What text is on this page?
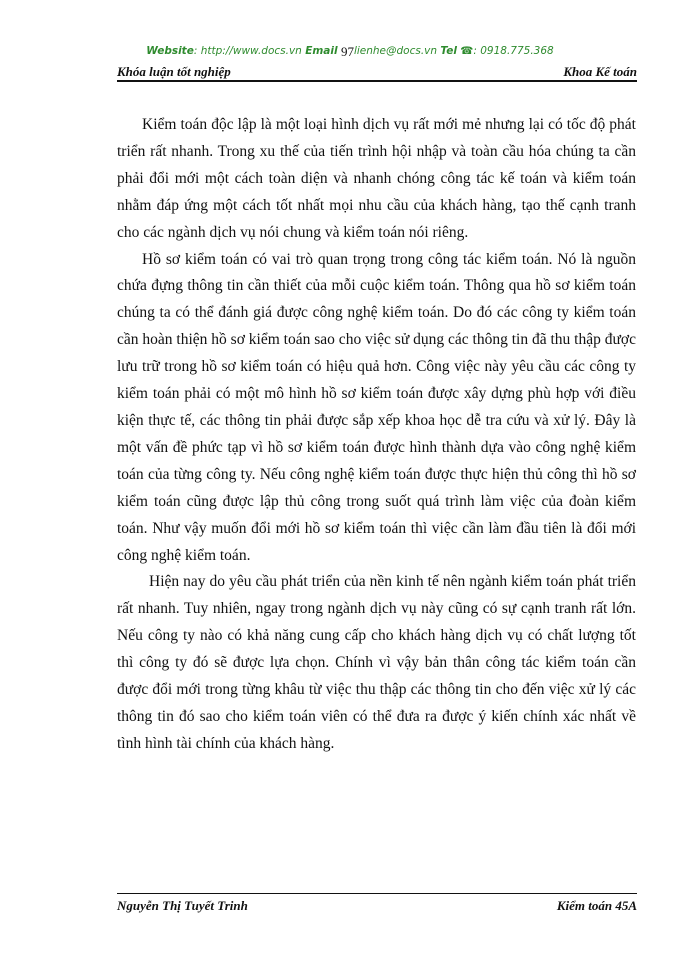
Website: http://www.docs.vn Email 97lienhe@docs.vn Tel ☎: 0918.775.368
Khóa luận tốt nghiệp	Khoa Kế toán

Kiểm toán độc lập là một loại hình dịch vụ rất mới mẻ nhưng lại có tốc độ phát triển rất nhanh. Trong xu thế của tiến trình hội nhập và toàn cầu hóa chúng ta cần phải đổi mới một cách toàn diện và nhanh chóng công tác kế toán và kiểm toán nhằm đáp ứng một cách tốt nhất mọi nhu cầu của khách hàng, tạo thế cạnh tranh cho các ngành dịch vụ nói chung và kiểm toán nói riêng.

Hồ sơ kiểm toán có vai trò quan trọng trong công tác kiểm toán. Nó là nguồn chứa đựng thông tin cần thiết của mỗi cuộc kiểm toán. Thông qua hồ sơ kiểm toán chúng ta có thể đánh giá được công nghệ kiểm toán. Do đó các công ty kiểm toán cần hoàn thiện hồ sơ kiểm toán sao cho việc sử dụng các thông tin đã thu thập được lưu trữ trong hồ sơ kiểm toán có hiệu quả hơn. Công việc này yêu cầu các công ty kiểm toán phải có một mô hình hồ sơ kiểm toán được xây dựng phù hợp với điều kiện thực tế, các thông tin phải được sắp xếp khoa học dễ tra cứu và xử lý. Đây là một vấn đề phức tạp vì hồ sơ kiểm toán được hình thành dựa vào công nghệ kiểm toán của từng công ty. Nếu công nghệ kiểm toán được thực hiện thủ công thì hồ sơ kiểm toán cũng được lập thủ công trong suốt quá trình làm việc của đoàn kiểm toán. Như vậy muốn đổi mới hồ sơ kiểm toán thì việc cần làm đầu tiên là đổi mới công nghệ kiểm toán.

Hiện nay do yêu cầu phát triển của nền kinh tế nên ngành kiểm toán phát triển rất nhanh. Tuy nhiên, ngay trong ngành dịch vụ này cũng có sự cạnh tranh rất lớn. Nếu công ty nào có khả năng cung cấp cho khách hàng dịch vụ có chất lượng tốt thì công ty đó sẽ được lựa chọn. Chính vì vậy bản thân công tác kiểm toán cần được đổi mới trong từng khâu từ việc thu thập các thông tin cho đến việc xử lý các thông tin đó sao cho kiểm toán viên có thể đưa ra được ý kiến chính xác nhất về tình hình tài chính của khách hàng.

Nguyễn Thị Tuyết Trinh	Kiểm toán 45A
